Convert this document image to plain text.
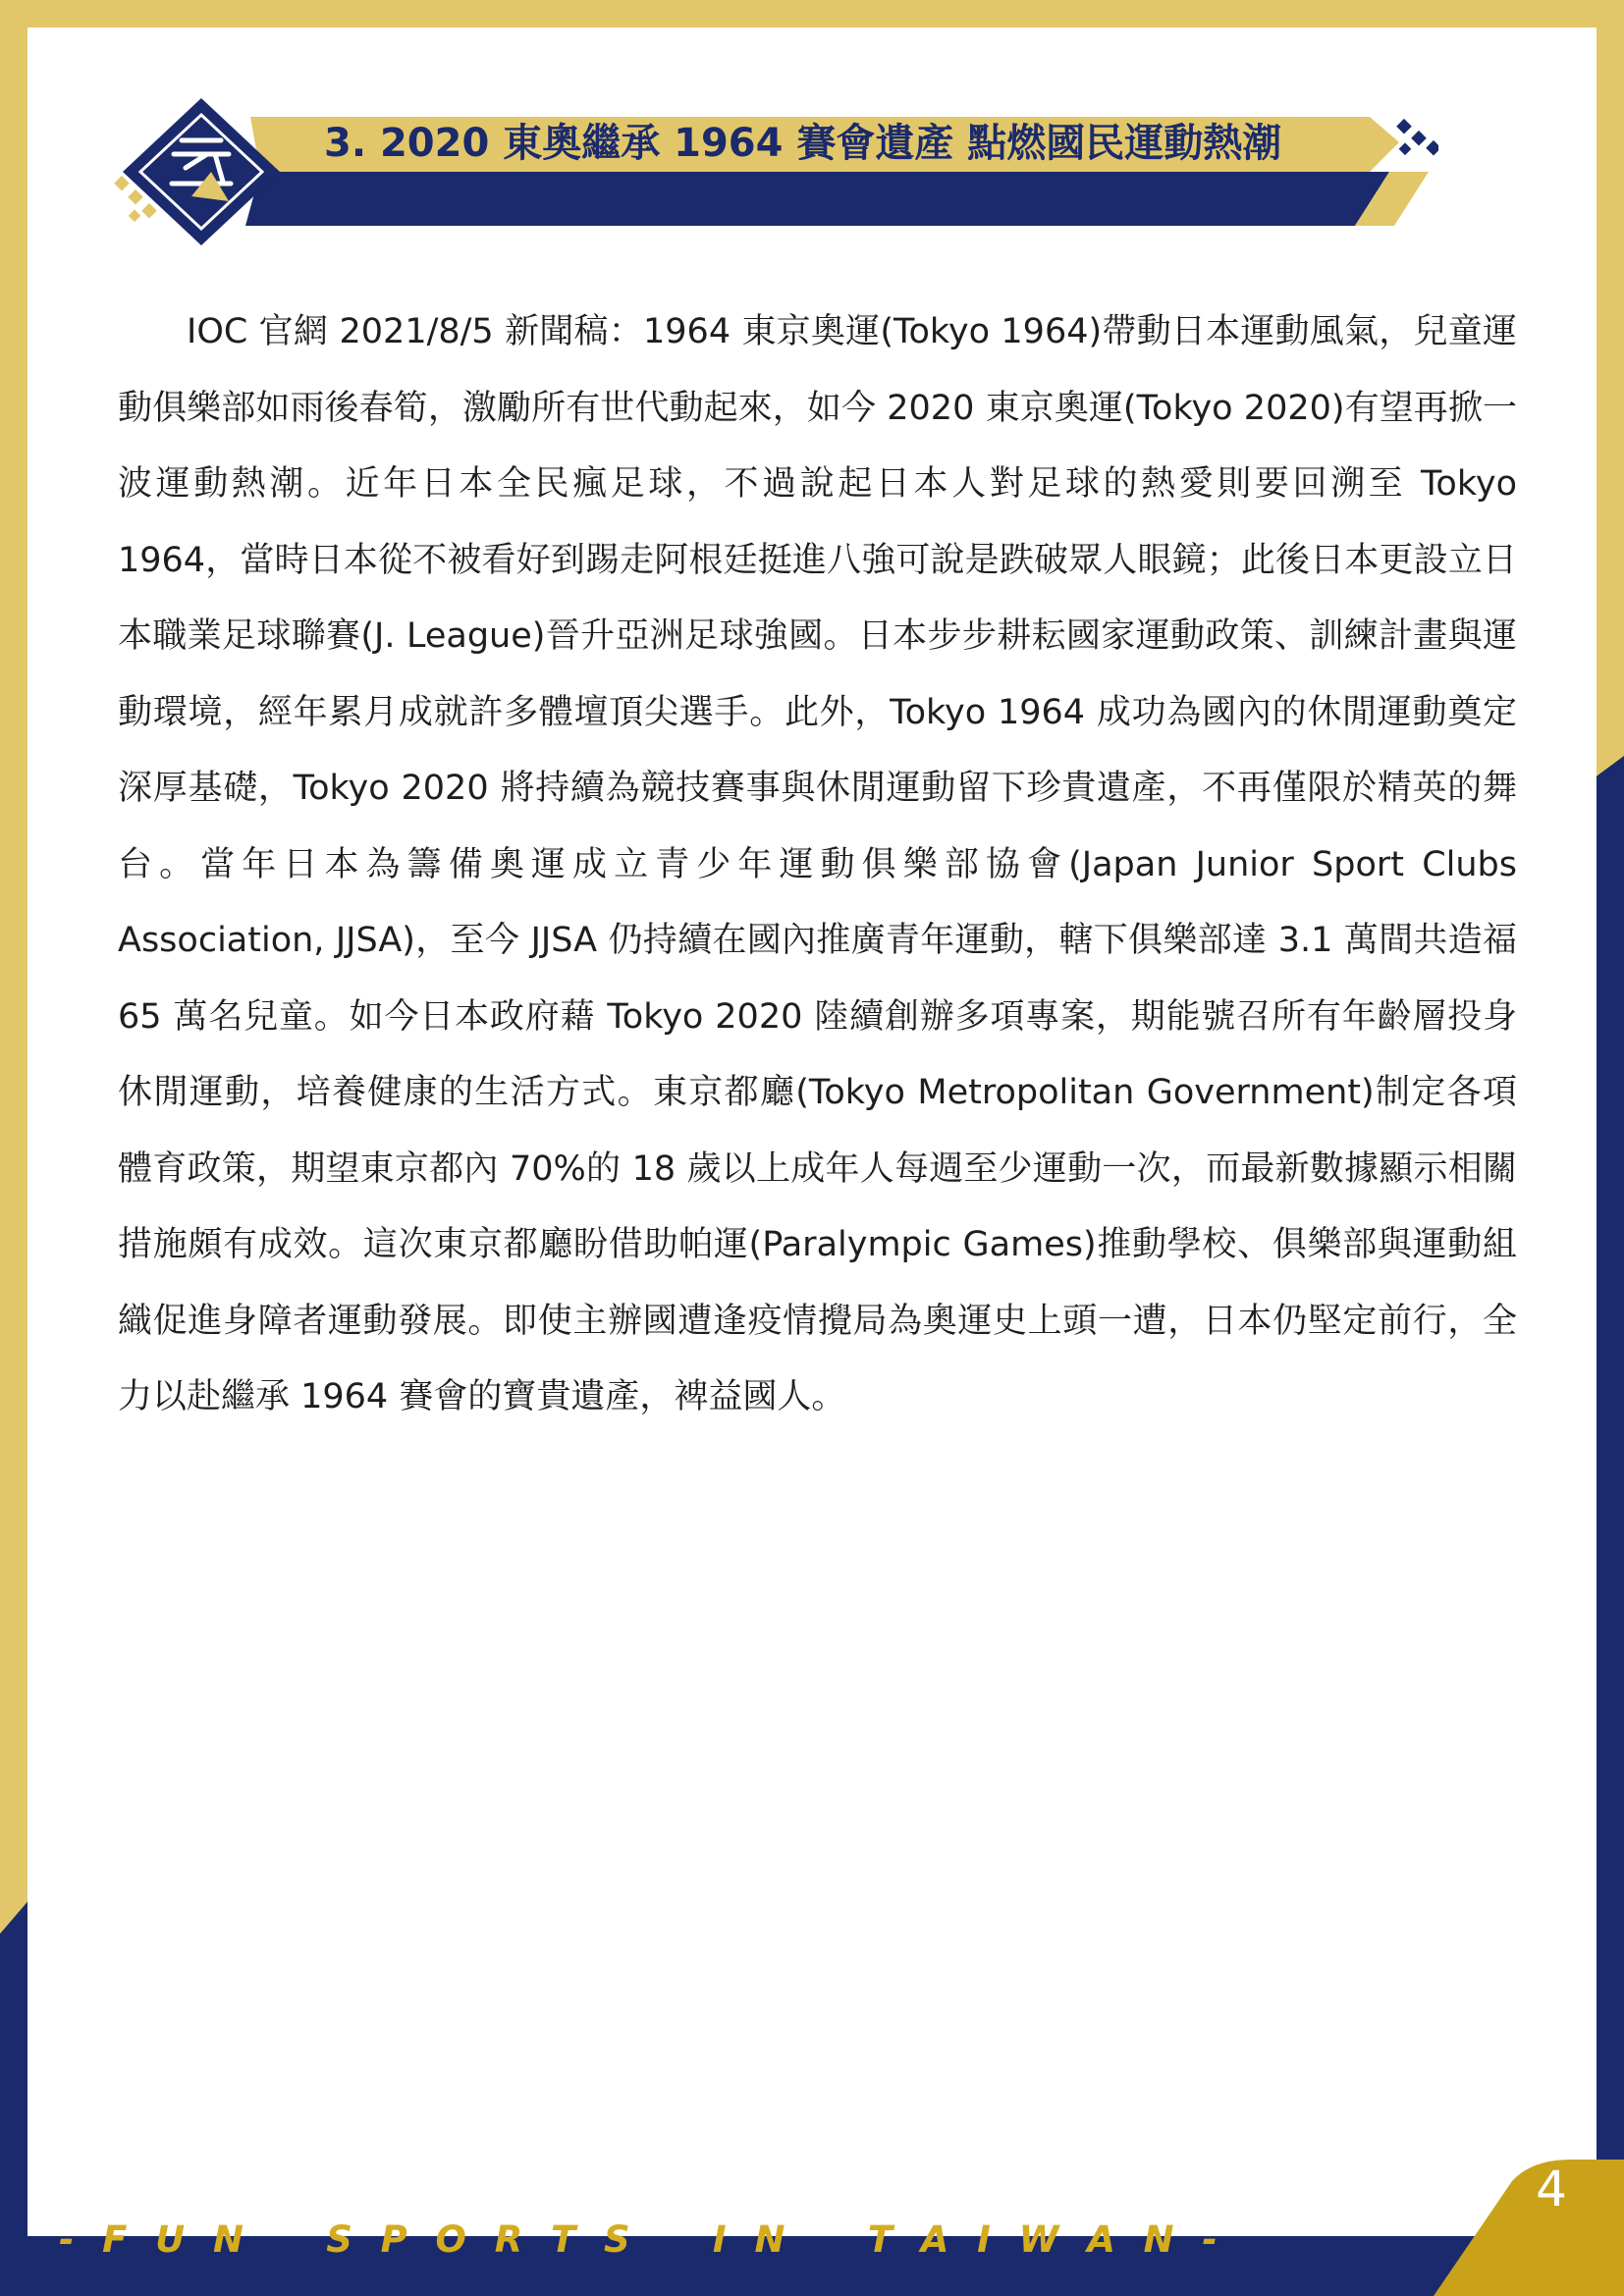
3. 2020 東奧繼承 1964 賽會遺產 點燃國民運動熱潮

IOC 官網 2021/8/5 新聞稿：1964 東京奧運(Tokyo 1964)帶動日本運動風氣，兒童運動俱樂部如雨後春筍，激勵所有世代動起來，如今 2020 東京奧運(Tokyo 2020)有望再掀一波運動熱潮。近年日本全民瘋足球，不過說起日本人對足球的熱愛則要回溯至 Tokyo 1964，當時日本從不被看好到踢走阿根廷挺進八強可說是跌破眾人眼鏡；此後日本更設立日本職業足球聯賽(J. League)晉升亞洲足球強國。日本步步耕耘國家運動政策、訓練計畫與運動環境，經年累月成就許多體壇頂尖選手。此外，Tokyo 1964 成功為國內的休閒運動奠定深厚基礎，Tokyo 2020 將持續為競技賽事與休閒運動留下珍貴遺產，不再僅限於精英的舞台。當年日本為籌備奧運成立青少年運動俱樂部協會(Japan Junior Sport Clubs Association, JJSA)，至今 JJSA 仍持續在國內推廣青年運動，轄下俱樂部達 3.1 萬間共造福 65 萬名兒童。如今日本政府藉 Tokyo 2020 陸續創辦多項專案，期能號召所有年齡層投身休閒運動，培養健康的生活方式。東京都廳(Tokyo Metropolitan Government)制定各項體育政策，期望東京都內 70%的 18 歲以上成年人每週至少運動一次，而最新數據顯示相關措施頗有成效。這次東京都廳盼借助帕運(Paralympic Games)推動學校、俱樂部與運動組織促進身障者運動發展。即使主辦國遭逢疫情攪局為奧運史上頭一遭，日本仍堅定前行，全力以赴繼承 1964 賽會的寶貴遺產，裨益國人。

-  F  U  N      S  P  O  R  T  S      I  N      T  A  I  W  A  N  -
4
